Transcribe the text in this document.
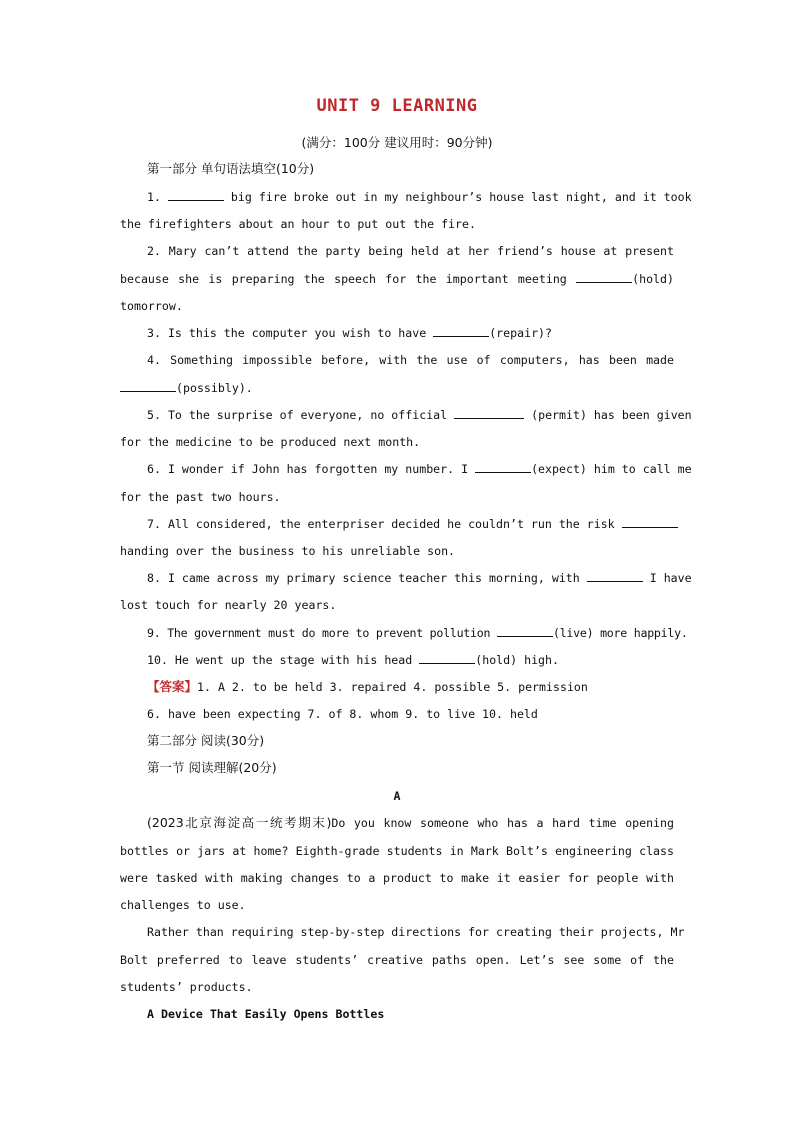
UNIT 9 LEARNING
(满分：100分 建议用时：90分钟)
第一部分 单句语法填空(10分)
1.	big fire broke out in my neighbour’s house last night, and it took
the firefighters about an hour to put out the fire.
2. Mary can’t attend the party being held at her friend’s house at present
because she is preparing the speech for the important meeting	(hold)
tomorrow.
3. Is this the computer you wish to have	(repair)?
4. Something impossible before, with the use of computers, has been made
(possibly).
5. To the surprise of everyone, no official	(permit) has been given
for the medicine to be produced next month.
6. I wonder if John has forgotten my number. I	(expect) him to call me
for the past two hours.
7. All considered, the enterpriser decided he couldn’t run the risk
handing over the business to his unreliable son.
8. I came across my primary science teacher this morning, with	I have
lost touch for nearly 20 years.
9. The government must do more to prevent pollution	(live) more happily.
10. He went up the stage with his head	(hold) high.
【答案】1. A 2. to be held 3. repaired 4. possible 5. permission
6. have been expecting 7. of 8. whom 9. to live 10. held
第二部分 阅读(30分)
第一节 阅读理解(20分)
A
(2023北京海淀高一统考期末)Do you know someone who has a hard time opening
bottles or jars at home? Eighth-grade students in Mark Bolt’s engineering class
were tasked with making changes to a product to make it easier for people with
challenges to use.
Rather than requiring step-by-step directions for creating their projects, Mr
Bolt preferred to leave students’ creative paths open. Let’s see some of the
students’ products.
A Device That Easily Opens Bottles
